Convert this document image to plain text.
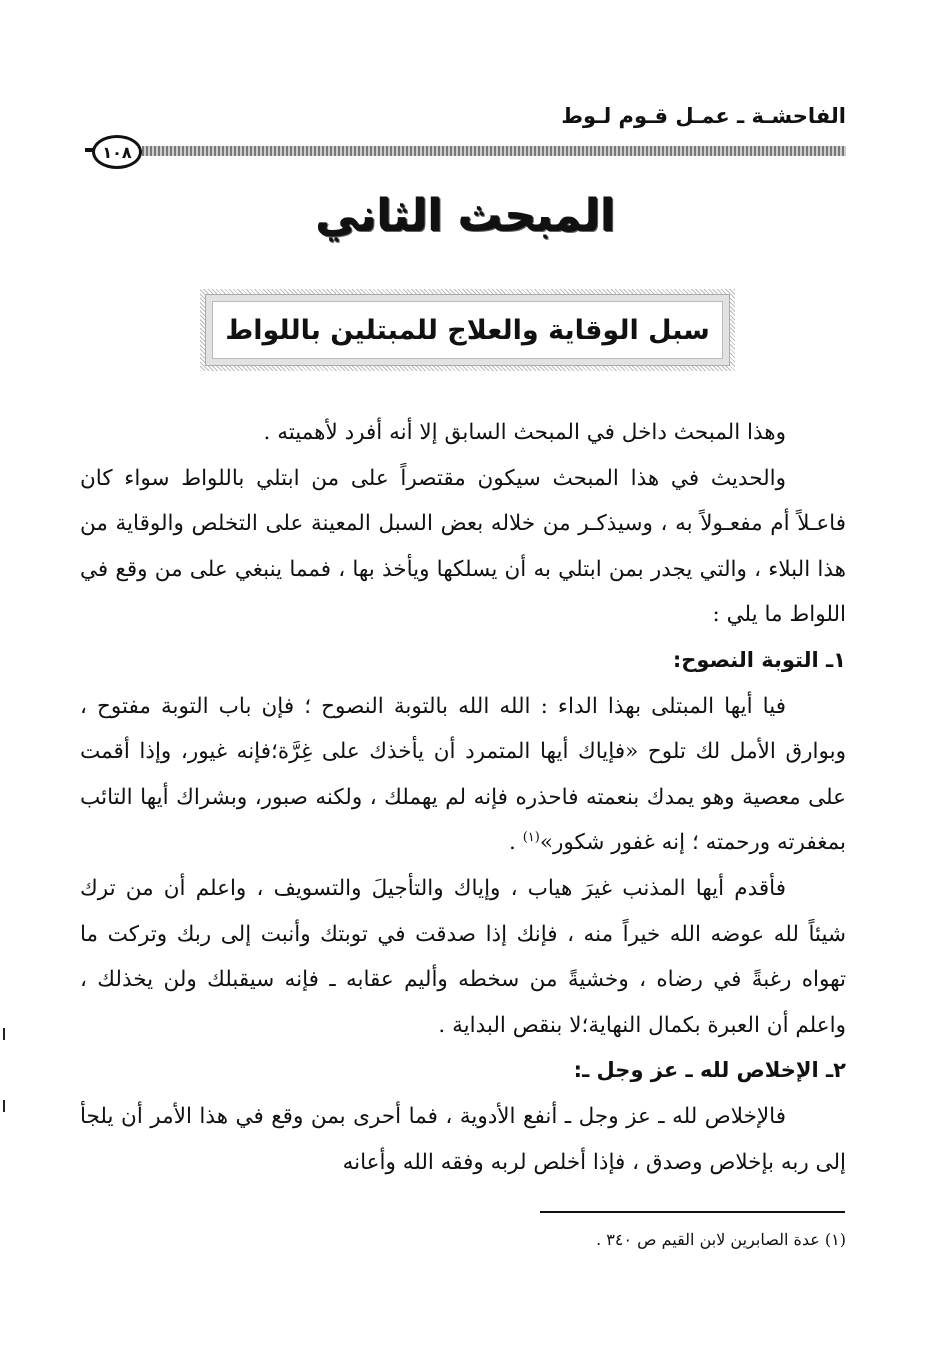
الفاحشـة ـ عمـل قـوم لـوط
١٠٨
المبحث الثاني
سبل الوقاية والعلاج للمبتلين باللواط

وهذا المبحث داخل في المبحث السابق إلا أنه أفرد لأهميته .

والحديث في هذا المبحث سيكون مقتصراً على من ابتلي باللواط سواء كان فاعـلاً أم مفعـولاً به ، وسيذكـر من خلاله بعض السبل المعينة على التخلص والوقاية من هذا البلاء ، والتي يجدر بمن ابتلي به أن يسلكها ويأخذ بها ، فمما ينبغي على من وقع في اللواط ما يلي :

١ـ التوبة النصوح:

فيا أيها المبتلى بهذا الداء : الله الله بالتوبة النصوح ؛ فإن باب التوبة مفتوح ، وبوارق الأمل لك تلوح «فإياك أيها المتمرد أن يأخذك على غِرَّة؛فإنه غيور، وإذا أقمت على معصية وهو يمدك بنعمته فاحذره فإنه لم يهملك ، ولكنه صبور، وبشراك أيها التائب بمغفرته ورحمته ؛ إنه غفور شكور»$^{(١)}$ .

فأقدم أيها المذنب غيرَ هياب ، وإياك والتأجيلَ والتسويف ، واعلم أن من ترك شيئاً لله عوضه الله خيراً منه ، فإنك إذا صدقت في توبتك وأنبت إلى ربك وتركت ما تهواه رغبةً في رضاه ، وخشيةً من سخطه وأليم عقابه ـ فإنه سيقبلك ولن يخذلك ، واعلم أن العبرة بكمال النهاية؛لا بنقص البداية .

٢ـ الإخلاص لله ـ عز وجل ـ:

فالإخلاص لله ـ عز وجل ـ أنفع الأدوية ، فما أحرى بمن وقع في هذا الأمر أن يلجأ إلى ربه بإخلاص وصدق ، فإذا أخلص لربه وفقه الله وأعانه

(١) عدة الصابرين لابن القيم ص ٣٤٠ .
